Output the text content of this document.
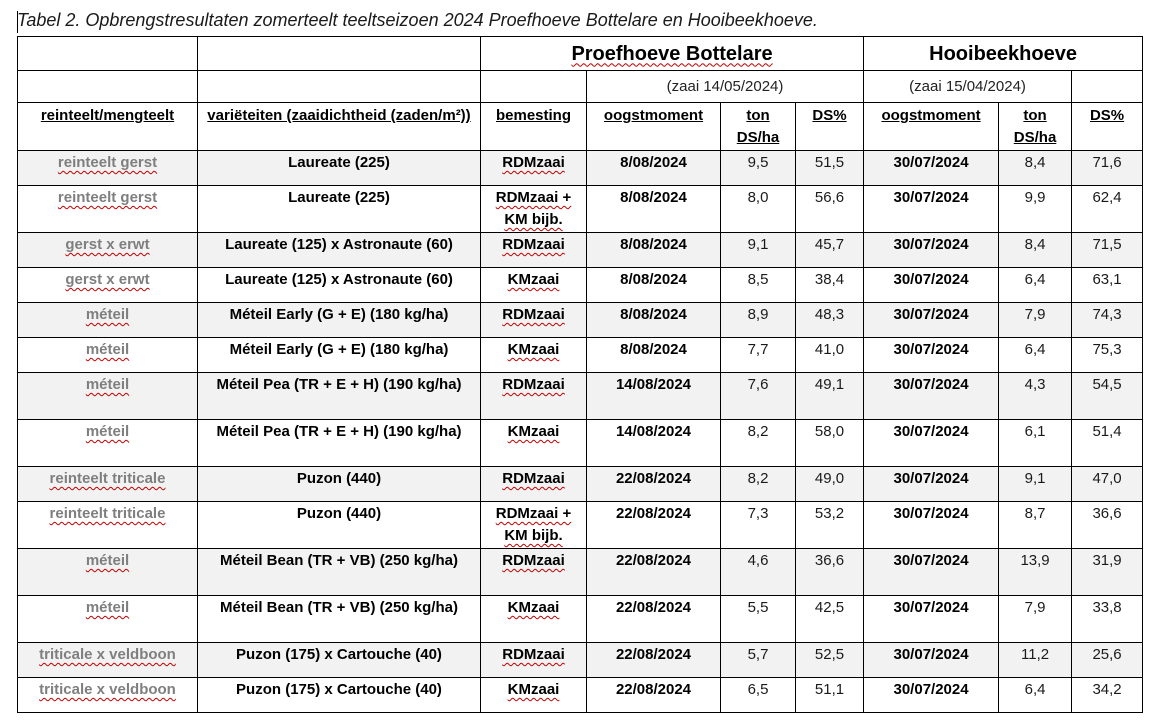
Tabel 2. Opbrengstresultaten zomerteelt teeltseizoen 2024 Proefhoeve Bottelare en Hooibeekhoeve.
		Proefhoeve Bottelare				Hooibeekhoeve		
			(zaai 14/05/2024)			(zaai 15/04/2024)		
reinteelt/mengteelt	variëteiten (zaaidichtheid (zaden/m²))	bemesting	oogstmoment	ton DS/ha	DS%	oogstmoment	ton DS/ha	DS%
reinteelt gerst	Laureate (225)	RDMzaai	8/08/2024	9,5	51,5	30/07/2024	8,4	71,6
reinteelt gerst	Laureate (225)	RDMzaai + KM bijb.	8/08/2024	8,0	56,6	30/07/2024	9,9	62,4
gerst x erwt	Laureate (125) x Astronaute (60)	RDMzaai	8/08/2024	9,1	45,7	30/07/2024	8,4	71,5
gerst x erwt	Laureate (125) x Astronaute (60)	KMzaai	8/08/2024	8,5	38,4	30/07/2024	6,4	63,1
méteil	Méteil Early (G + E) (180 kg/ha)	RDMzaai	8/08/2024	8,9	48,3	30/07/2024	7,9	74,3
méteil	Méteil Early (G + E) (180 kg/ha)	KMzaai	8/08/2024	7,7	41,0	30/07/2024	6,4	75,3
méteil	Méteil Pea (TR + E + H) (190 kg/ha)	RDMzaai	14/08/2024	7,6	49,1	30/07/2024	4,3	54,5
méteil	Méteil Pea (TR + E + H) (190 kg/ha)	KMzaai	14/08/2024	8,2	58,0	30/07/2024	6,1	51,4
reinteelt triticale	Puzon (440)	RDMzaai	22/08/2024	8,2	49,0	30/07/2024	9,1	47,0
reinteelt triticale	Puzon (440)	RDMzaai + KM bijb.	22/08/2024	7,3	53,2	30/07/2024	8,7	36,6
méteil	Méteil Bean (TR + VB) (250 kg/ha)	RDMzaai	22/08/2024	4,6	36,6	30/07/2024	13,9	31,9
méteil	Méteil Bean (TR + VB) (250 kg/ha)	KMzaai	22/08/2024	5,5	42,5	30/07/2024	7,9	33,8
triticale x veldboon	Puzon (175) x Cartouche (40)	RDMzaai	22/08/2024	5,7	52,5	30/07/2024	11,2	25,6
triticale x veldboon	Puzon (175) x Cartouche (40)	KMzaai	22/08/2024	6,5	51,1	30/07/2024	6,4	34,2
